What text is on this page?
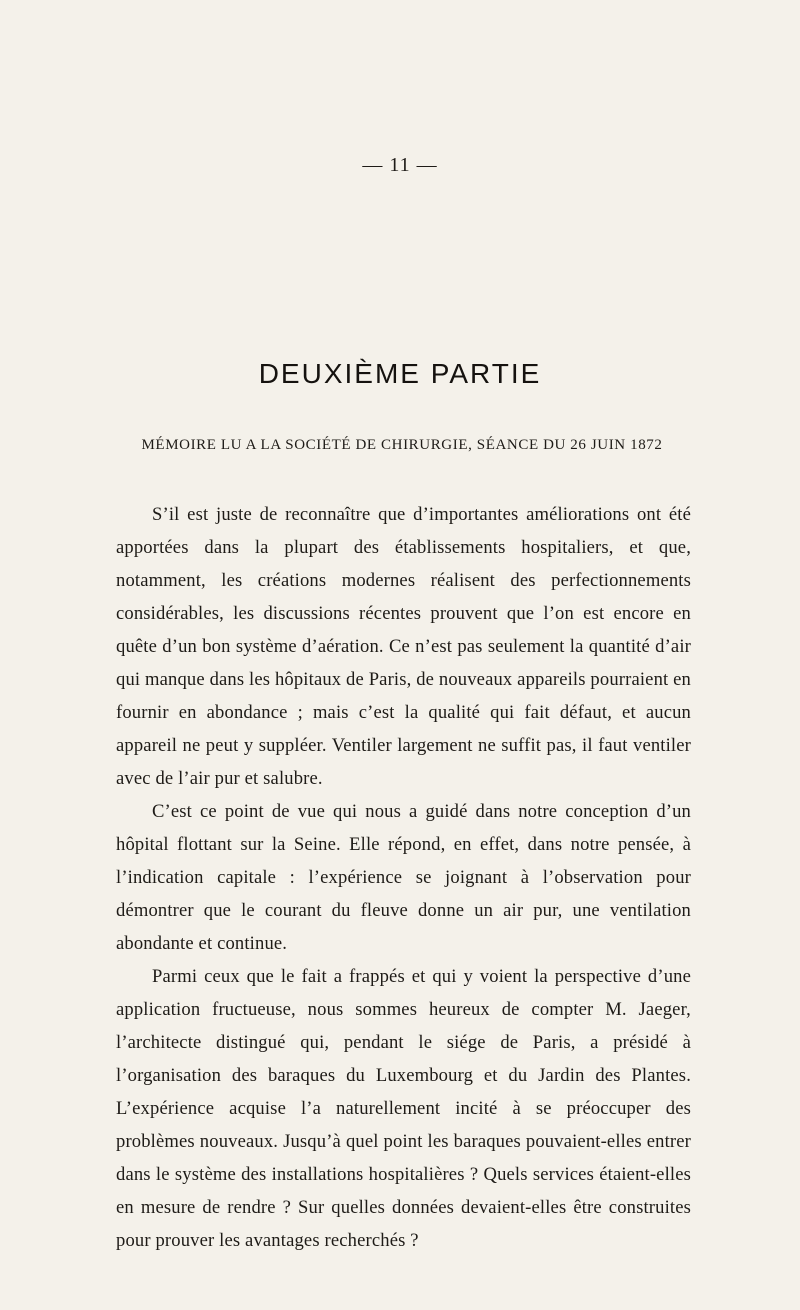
— 11 —
DEUXIÈME PARTIE
MÉMOIRE LU A LA SOCIÉTÉ DE CHIRURGIE, SÉANCE DU 26 JUIN 1872

S’il est juste de reconnaître que d’importantes améliorations ont été apportées dans la plupart des établissements hospitaliers, et que, notamment, les créations modernes réalisent des perfectionnements considérables, les discussions récentes prouvent que l’on est encore en quête d’un bon système d’aération. Ce n’est pas seulement la quantité d’air qui manque dans les hôpitaux de Paris, de nouveaux appareils pourraient en fournir en abondance ; mais c’est la qualité qui fait défaut, et aucun appareil ne peut y suppléer. Ventiler largement ne suffit pas, il faut ventiler avec de l’air pur et salubre.

C’est ce point de vue qui nous a guidé dans notre conception d’un hôpital flottant sur la Seine. Elle répond, en effet, dans notre pensée, à l’indication capitale : l’expérience se joignant à l’observation pour démontrer que le courant du fleuve donne un air pur, une ventilation abondante et continue.

Parmi ceux que le fait a frappés et qui y voient la perspective d’une application fructueuse, nous sommes heureux de compter M. Jaeger, l’architecte distingué qui, pendant le siége de Paris, a présidé à l’organisation des baraques du Luxembourg et du Jardin des Plantes. L’expérience acquise l’a naturellement incité à se préoccuper des problèmes nouveaux. Jusqu’à quel point les baraques pouvaient-elles entrer dans le système des installations hospitalières ? Quels services étaient-elles en mesure de rendre ? Sur quelles données devaient-elles être construites pour prouver les avantages recherchés ?
